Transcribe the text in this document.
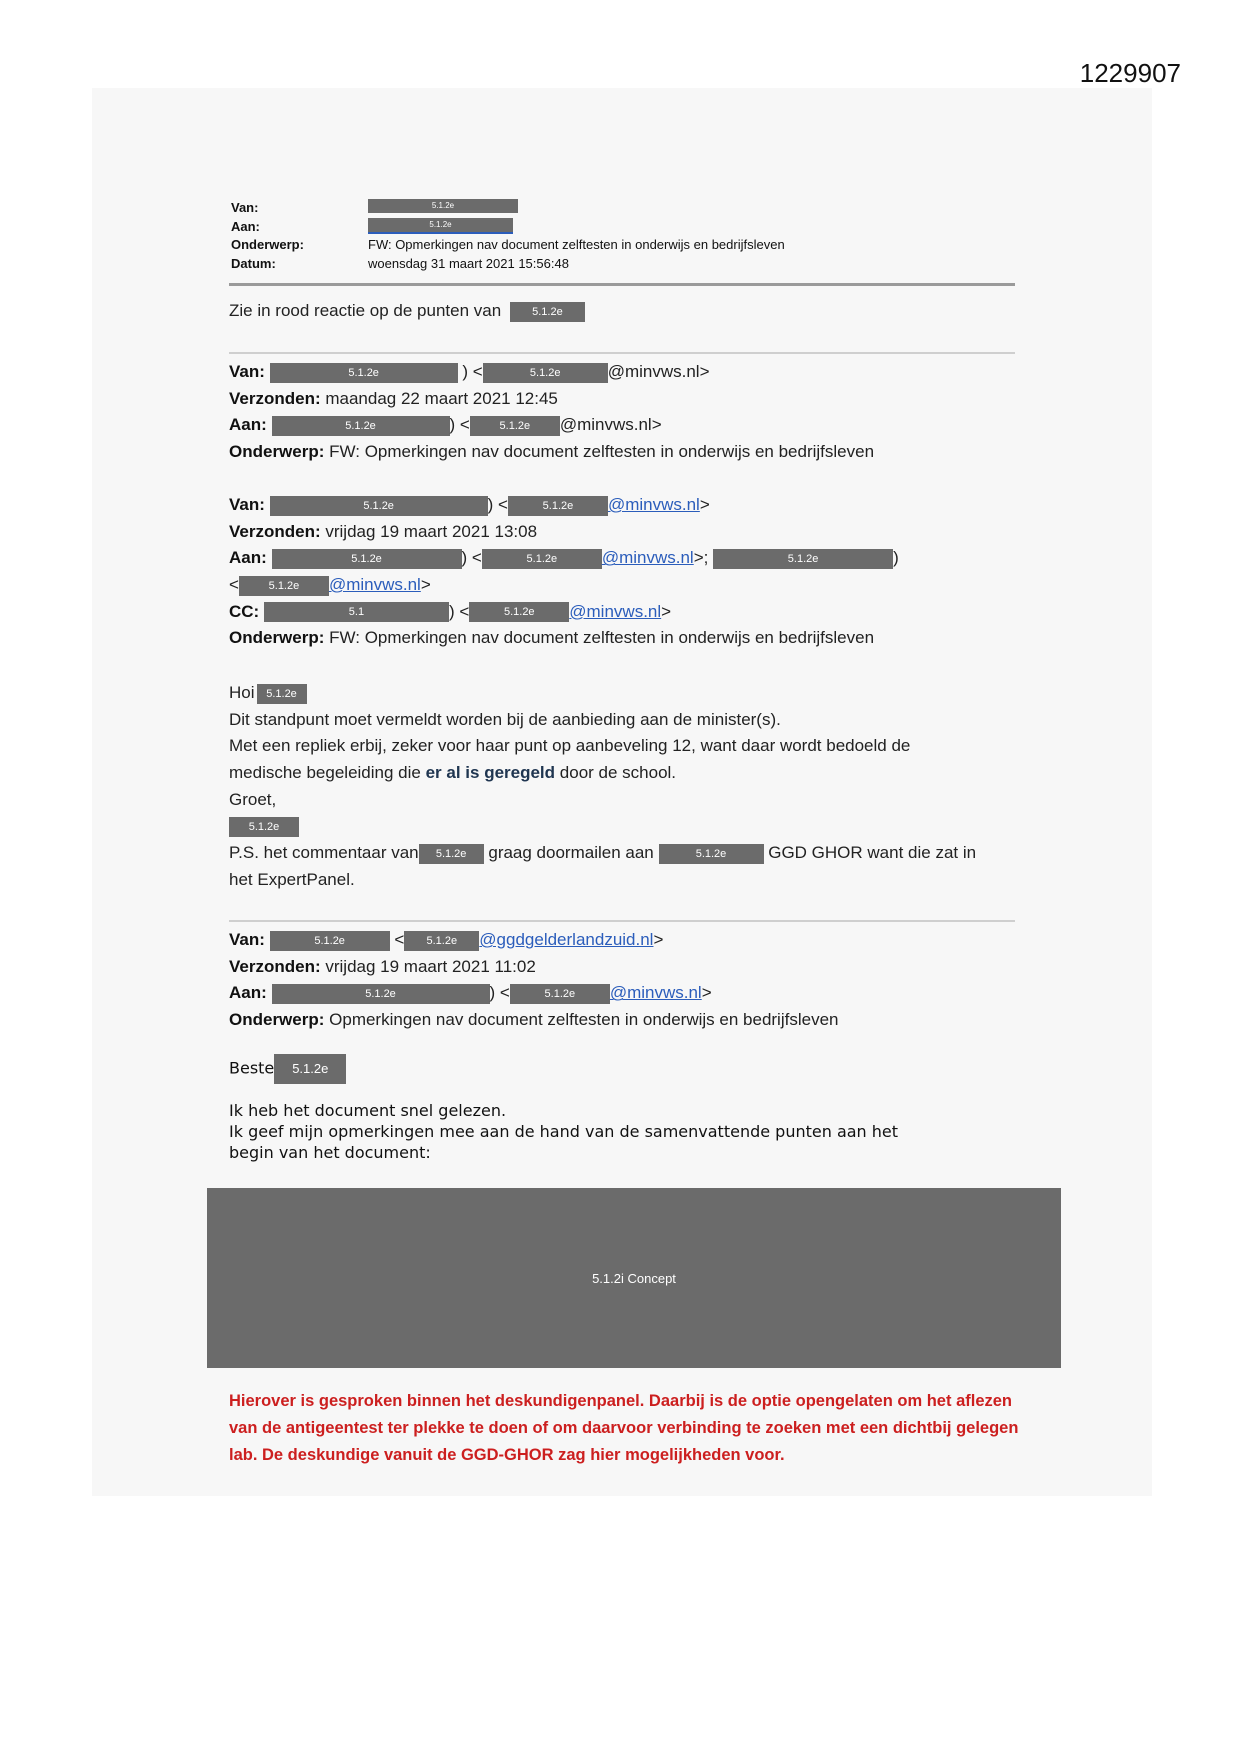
1229907
Van:	5.1.2e
Aan:	5.1.2e
Onderwerp:	FW: Opmerkingen nav document zelftesten in onderwijs en bedrijfsleven
Datum:	woensdag 31 maart 2021 15:56:48
Zie in rood reactie op de punten van	5.1.2e
Van:	5.1.2e	) <	5.1.2e	@minvws.nl>
Verzonden: maandag 22 maart 2021 12:45
Aan:	5.1.2e	) <	5.1.2e @minvws.nl>
Onderwerp: FW: Opmerkingen nav document zelftesten in onderwijs en bedrijfsleven
Van:	5.1.2e	) <	5.1.2e @minvws.nl>
Verzonden: vrijdag 19 maart 2021 13:08
Aan:	5.1.2e	) <	5.1.2e	@minvws.nl>;	5.1.2e	)
<	5.1.2e @minvws.nl>
CC:	5.1	) <	5.1.2e @minvws.nl>
Onderwerp: FW: Opmerkingen nav document zelftesten in onderwijs en bedrijfsleven
Hoi 5.1.2e
Dit standpunt moet vermeldt worden bij de aanbieding aan de minister(s).
Met een repliek erbij, zeker voor haar punt op aanbeveling 12, want daar wordt bedoeld de
medische begeleiding die er al is geregeld door de school.
Groet,
5.1.2e
P.S. het commentaar van 5.1.2e graag doormailen aan	5.1.2e GGD GHOR want die zat in
het ExpertPanel.
Van:	5.1.2e	< 5.1.2e @ggdgelderlandzuid.nl>
Verzonden: vrijdag 19 maart 2021 11:02
Aan:	5.1.2e	) <	5.1.2e @minvws.nl>
Onderwerp: Opmerkingen nav document zelftesten in onderwijs en bedrijfsleven
Beste 5.1.2e
Ik heb het document snel gelezen.
Ik geef mijn opmerkingen mee aan de hand van de samenvattende punten aan het
begin van het document:
5.1.2i Concept
Hierover is gesproken binnen het deskundigenpanel. Daarbij is de optie opengelaten om het aflezen van de antigeentest ter plekke te doen of om daarvoor verbinding te zoeken met een dichtbij gelegen lab. De deskundige vanuit de GGD-GHOR zag hier mogelijkheden voor.
